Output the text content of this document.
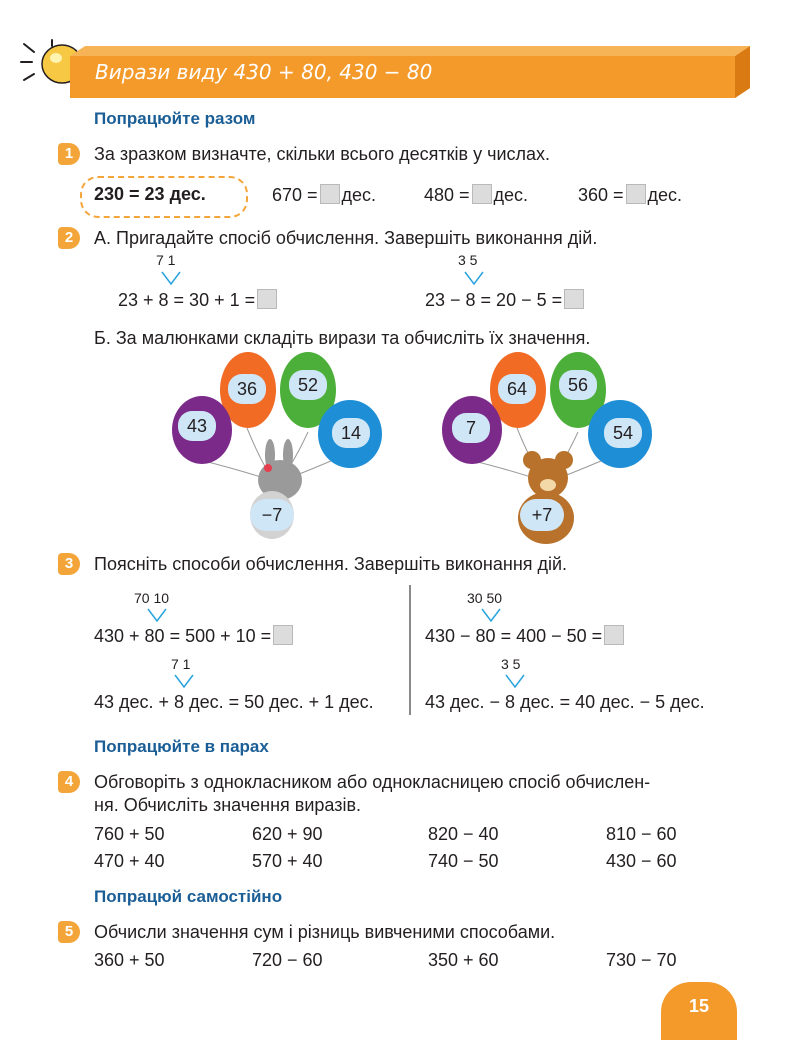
Вирази виду 430 + 80, 430 − 80
Попрацюйте разом
1	За зразком визначте, скільки всього десятків у числах.
230 = 23 дес.	670 = дес.	480 = дес.	360 = дес.
2	А. Пригадайте спосіб обчислення. Завершіть виконання дій.
7 1
23 + 8 = 30 + 1 =
3 5
23 − 8 = 20 − 5 =
Б. За малюнками складіть вирази та обчисліть їх значення.
36	52
43	14
−7
64	56
7	54
+7
3	Поясніть способи обчислення. Завершіть виконання дій.
70 10
430 + 80 = 500 + 10 =
7 1
43 дес. + 8 дес. = 50 дес. + 1 дес.
30 50
430 − 80 = 400 − 50 =
3 5
43 дес. − 8 дес. = 40 дес. − 5 дес.
Попрацюйте в парах
4	Обговоріть з однокласником або однокласницею спосіб обчислен-
ня. Обчисліть значення виразів.
760 + 50	620 + 90	820 − 40	810 − 60
470 + 40	570 + 40	740 − 50	430 − 60
Попрацюй самостійно
5	Обчисли значення сум і різниць вивченими способами.
360 + 50	720 − 60	350 + 60	730 − 70
15
